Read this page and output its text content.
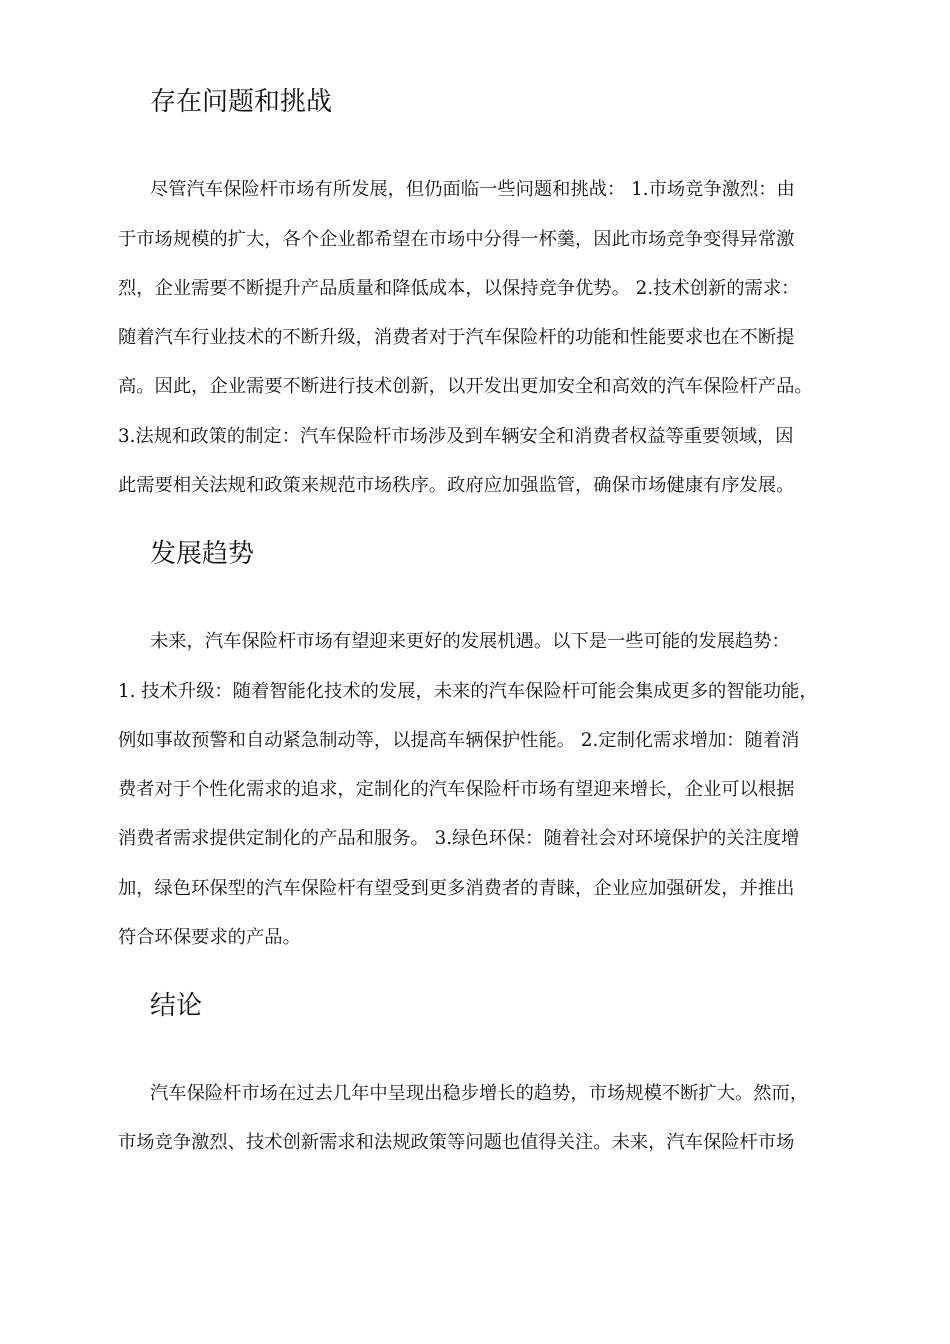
存在问题和挑战

尽管汽车保险杆市场有所发展，但仍面临一些问题和挑战： 1.市场竞争激烈：由

于市场规模的扩大，各个企业都希望在市场中分得一杯羹，因此市场竞争变得异常激

烈，企业需要不断提升产品质量和降低成本，以保持竞争优势。 2.技术创新的需求：

随着汽车行业技术的不断升级，消费者对于汽车保险杆的功能和性能要求也在不断提

高。因此，企业需要不断进行技术创新，以开发出更加安全和高效的汽车保险杆产品。

3.法规和政策的制定：汽车保险杆市场涉及到车辆安全和消费者权益等重要领域，因

此需要相关法规和政策来规范市场秩序。政府应加强监管，确保市场健康有序发展。

发展趋势

未来，汽车保险杆市场有望迎来更好的发展机遇。以下是一些可能的发展趋势：

1. 技术升级：随着智能化技术的发展，未来的汽车保险杆可能会集成更多的智能功能，

例如事故预警和自动紧急制动等，以提高车辆保护性能。 2.定制化需求增加：随着消

费者对于个性化需求的追求，定制化的汽车保险杆市场有望迎来增长，企业可以根据

消费者需求提供定制化的产品和服务。 3.绿色环保：随着社会对环境保护的关注度增

加，绿色环保型的汽车保险杆有望受到更多消费者的青睐，企业应加强研发，并推出

符合环保要求的产品。

结论

汽车保险杆市场在过去几年中呈现出稳步增长的趋势，市场规模不断扩大。然而，

市场竞争激烈、技术创新需求和法规政策等问题也值得关注。未来，汽车保险杆市场
